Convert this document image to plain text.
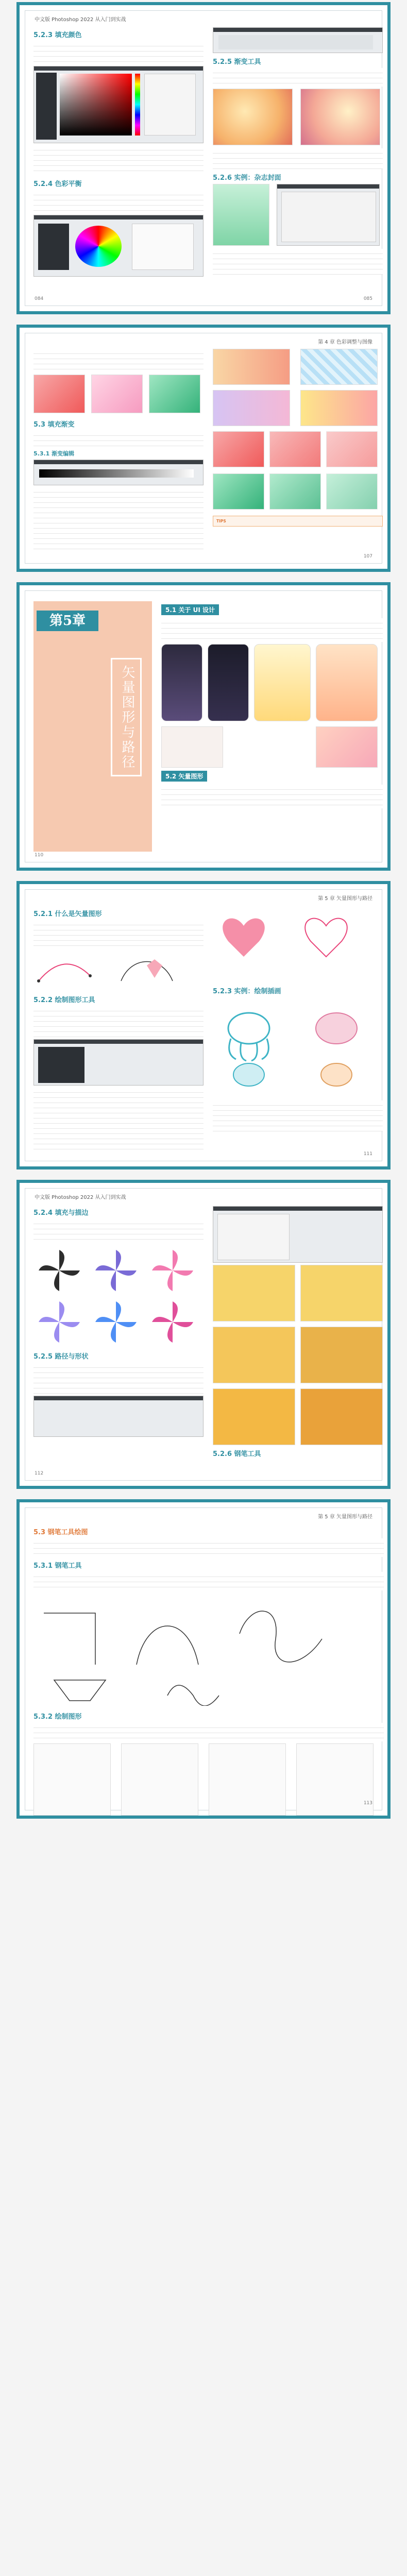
中文版 Photoshop 2022 从入门到实战
5.2.3 填充颜色
5.2.4 色彩平衡
5.2.5 渐变工具
5.2.6 实例：杂志封面
084	085
第 4 章 色彩调整与图像
5.3 填充渐变
5.3.1 渐变编辑
TIPS
107
第5章
矢量图形与路径
5.1 关于 UI 设计
5.2 矢量图形
110
第 5 章 矢量图形与路径
5.2.1 什么是矢量图形
5.2.2 绘制图形工具
5.2.3 实例：绘制插画
111
中文版 Photoshop 2022 从入门到实战
5.2.4 填充与描边
5.2.5 路径与形状
5.2.6 钢笔工具
112
第 5 章 矢量图形与路径
5.3 钢笔工具绘图
5.3.1 钢笔工具
5.3.2 绘制图形
113
